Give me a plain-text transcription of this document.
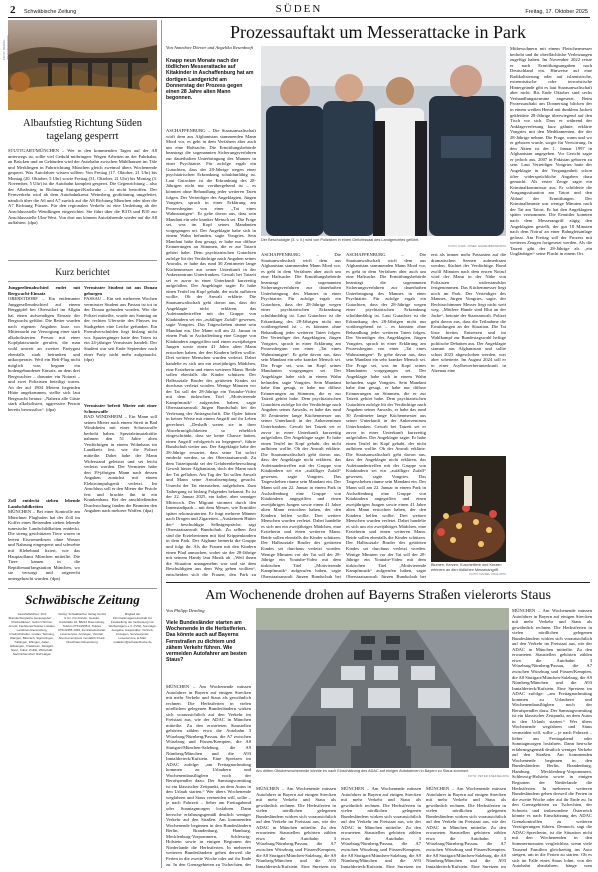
2 Schwäbische Zeitung	SÜDEN	Freitag, 17. Oktober 2025
FOTO: BERND WEISSBROD/DPA
Albaufstieg Richtung Süden tagelang gesperrt
STUTTGART/MÜNCHEN – Wer in den kommenden Tagen auf der A8 unterwegs ist, sollte viel Geduld mitbringen: Wegen Arbeiten an der Fahrbahn, an Brücken und an Gebäuden wird der Autobahn zwischen Mühlhausen im Täle und Merklingen in Fahrtrichtung München gleich zweimal übers Wochenende gesperrt. Was Autofahrer wissen sollten: Von Freitag (17. Oktober, 21 Uhr) bis Montag (20. Oktober, 5 Uhr) sowie Freitag (31. Oktober, 21 Uhr) bis Montag (3. November, 5 Uhr) ist die Autobahn komplett gesperrt. Die Gegenrichtung – also der Albabstieg in Richtung Stuttgart/Karlsruhe – ist nicht betroffen. Der Fernverkehr wird ab dem Autobahnkreuz Weinsberg großräumig umgeleitet, nämlich über die A6 und A7 zurück auf die A8 Richtung München oder über die A7 Richtung Füssen. Für den regionalen Verkehr ist eine Umleitung ab der Anschlussstelle Wendlingen eingerichtet. Sie führt über die B313 und B10 zur Anschlussstelle Ulm-West. Von dort aus können Autofahrende wieder auf die A8 auffahren. (dpa)
Kurz berichtet
Jungpeelienabschied endet mit Bergwacht-Einsatz
OBERSTDORF – Ein entlemmter Junggesellenabschied auf einem Berggipfel bei Oberstdorf im Allgäu hat einen aufwendigen Einsatz der Bergwacht geführt. Die Retter wurden nach eigenen Angaben kurz vor Mitternacht zur Versorgung einer stark alkoholisierten Person mit einer Kopfplatzwunde gerufen, die man wohl unweit an zweiter Partygast ebenfalls stark betrunken und unkooperativ. Weil ein Heli-Flug nicht möglich war, begann ein bodengebundener Einsatz, an dem drei Bergwachter – darunter ein Notarzt – und zwei Polizisten beteiligt waren. An der auf 1804 Metern liegenden Hütte angekommen, stellte sich laut Bergwacht heraus: „Nahezu alle Gäste stark alkoholisiert, aggressive Person bereits bewusstlos“. (dpa)
Zoll entdeckt sieben lebende Landschildkröten
MÜNCHEN – Bei einer Kontrolle am Münchner Flughafen hat der Zoll im Koffer eines Reisenden sieben lebende tunesische Landschildkröten entdeckt. Die streng geschützten Tiere waren in leeren Eiscremedosen ohne Wasser und Nahrung eingesperrt und schwebte mit Klebeband fixiert, wie das Hauptzollamt München mitteilte. Die Tiere kamen in die Reptilienauffangstation München, wo sie versorgt und artgerecht untergebracht wurden. (dpa)
Vermisster Student tot aus Donau geborgen
PASSAU – Ein seit mehreren Wochen vermisster Student aus Passau ist tot in der Donau gefunden worden. Wie die Polizei mitteilte, wurde am Sonntag an der rechten Uferseite des Flusses im Stadtgebiet eine Leiche gefunden. Ein Fremdverschulden liegt bislang nicht vor. Spaziergänger hatte den Toten ist ein 24-jähriger Vermisster handelt. Der Student war seit Ende September nach einer Party nicht mehr aufgetaucht. (dpa)
Vermisster befreit Mieter mit einer Schusswaffe
BAD WINDSHEIM – Ein Mann soll seinen Mieter nach einem Streit in Bad Windsheim mit einer Schusswaffe bedroht haben. Spezialeinsatzkräfte nahmen den 51 Jahre alten Verdächtigen in einem Wohnhaus im Landkreis fest, wie die Polizei mitteilte. Dabei habe der Mann Widerstand geleistet und sei leicht verletzt worden. Der Vermieter habe den 39-jährigen Mann nach dessen Angaben zunächst mit einem Elektroimpulsgerät verletzt. Im Anschluss soll er den Mieter die Pistole fest und brachte ihn in ein Krankenhaus. Bei der anschließenden Durchsuchung fanden die Beamten den Angaben nach mehrere Waffen. (dpa)
Schwäbische Zeitung
Geschäftsführer: Fritz Brandenburgische Herausgeber: ... Chefredakteur: Jochen Wörner, Arnold, Fachbereichsleiter Lokales, Landkreis Ravensburg, Friedrichshafen, Lindau, Tettnang, Wangen, Biberach, Sigmaringen, Tuttlingen, Ehingen, Aalen, Ellwangen, Crailsheim, Stuttgart, Sport, Kultur, Politik, Wirtschaft, Nachrichtenchef: Ralf Hagen
Verlag: Schwäbischer Verlag GmbH & Co. KG Drexler, Gessler, Karlstraße 16, 88212 Ravensburg, Telefon 0751/2955-0, Telefax 0751/2955-1099, Zentralsekretariat, Leserservice, Anzeigen, Vertrieb, Abonnementpreis monatlich Druck: Druckhaus Ravensburg
Mitglied der Informationsgemeinschaft zur Feststellung der Verbreitung von Werbeträgern e.V. (IVW), Sonntags-Ausgabe, Haupteditor, Vertrieb, Anzeigen, Servicecenter, Leserservice, E-Mail: redaktion@schwaebische.de
Prozessauftakt um Messerattacke in Park
Von Annedore Dörner und Angelika Resenhoeft
Knapp neun Monate nach der tödlichen Messerattacke auf Kitakinder in Aschaffenburg hat am dortigen Landgericht am Donnerstag der Prozess gegen einen 28 Jahre alten Mann begonnen.
Der Beschuldigte (3. v. li.) wird von Polizisten in einen Gerichtssaal des Landgerichtes geführt.
FOTO: KARL-JOSEF HILDENBRAND/DPA
ASCHAFFENBURG – Die Staatsanwaltschaft wirft dem aus Afghanistan stammenden Mann Mord vor, es geht in dem Verfahren aber auch um eine Haftsache. Die Ermittlungsbehörde beantragt die sogenannten Sicherungsverfahren zur dauerhaften Unterbringung des Mannes in einer Psychiatrie. Für zufolge ergab ein Gutachten, dass der 28-Jährige wegen einer psychiatrischen Erkrankung schuldunfähig ist. Laut Gutachter ist die Erkrankung des 28-Jährigen nicht nur vorübergehend ist – es könnten ohne Behandlung jeder weiteren Taten folgen. Der Verteidiger des Angeklagten, Jürgen Vongries, sprach in einer Erklärung am Prozessbeginn von einer „Tat eines Wahnsinnigen“. Er gehe davon aus, dass sein Mandant ein sehr kranker Mensch sei. Die Frage sei, was im Kopf seines Mandanten vorgegangen sei. Der Angeklagte habe sich in einem Wahn befunden, sagte Vongries. Sein Mandant habe ihm gesagt, er habe nur diffuse Erinnerungen an Stimmen, die er zur Tatzeit gehört habe. Dem psychiatrischen Gutachten zufolge litt der Verdächtige nach Angaben seines Anwalts, er habe das rund 30 Zentimeter lange Küchenmesser aus seiner Unterkunft in der Ankerzentrum Unterfranken. Gewalt bei Tatzeit sei er zuvor in einer Unterkunft kurzzeitig aufgefallen. Der Angeklagte sagte: Er habe einen Teufel im Kopf gehabt, der nicht aufhören wollte. Ob der Anwalt erklärte. Die Staatsanwaltschaft geht davon aus, dass der Angeklagte nicht erklären, das Aufeinandertreffen mit der Gruppe von Kitakindern sei ein „zufälliger Zufall“ gewesen, sagte Vongries. Das Tatgeschehen räume sein Mandant ein. Der Mann soll am 22. Januar in einem Park in Aschaffenburg eine Gruppe von Kitakindern angegriffen und einen zweijährigen Jungen sowie einen 41 Jahre alten Mann erstochen haben, der den Kindern helfen wollte. Drei weitere Menschen wurden verletzt. Dabei handelte es sich um ein zweijähriges Mädchen, eine Erzieherin und einen weiteren Mann. Beide sollen ebenfalls die Kinder schützen. Der Halbsoziale Bruder des getöteten Kindes sei durchaus verletzt worden. Wenige Minuten vor der Tat soll der 28-Jährige ein Youtube-Video mit dem türkischen Titel „Motivierende Kampfmusik“ aufgerufen haben, sagte Oberstaatsanwalt Jürgen Bundschuh bei der Verlesung der Antragsschrift. Die Opfer hätten in keiner Weise mit einem Angriff auf ihr Leben gerechnet. „Deshalb waren sie in ihrer Abwehrmöglichkeiten so erheblich eingeschränkt, dass sie keine Chance hatten, einen Angriff erfolgreich zu begegnen“, führte Bundschuh weiter aus. Der Angeklagte habe der 28-Jährige erwartet, dass seine Tat sofort entdeckt werden, so der Oberstaatsanwalt. Zu dem Tatzeitpunkt sei der Gefahrenbeherrschung Gewalt hinter Afghanistan, doch der Mann nach der Tat geflohen. Am Tag der Tat sollen Anwalt und Mann seine Anwaltsempfang gesucht. Unrecht der Tat einzusehen, aufgehoben. Zum Tathergang ist bislang Folgendes bekannt: Es ist der 22. Januar 2025, ein kalter, aber sonniger Mittwoch. Der Migrant stromert durch den Innenstadtpark – mit dem Messer, wie Ermittler später rekonstruierten. Er fragt mehrere Männer nach Drogen und Zigaretten. „Auskeinem Hütter der“ beschuldigte Selbstgespräche, sagt Oberstaatsanwalt Bundschuh. Zu selben Zeit sind die Erzieherinnen mit fünf Krippenkindern in dem Park. Der Afghane bemerkt die Gruppe und folgt ihr. Als die Frauen mit den Kindern einen Pfad anmachen, wobei sie der 28-Jährige mit seinem Handy laut Musik ab. „Weil ihnen die Situation unangenehm war und sie dem Beschuldigten aus dem Weg gehen wollten“, entscheiden sich die Frauen, den Park zu
ASCHAFFENBURG – Die Staatsanwaltschaft wirft dem aus Afghanistan stammenden Mann Mord vor, es geht in dem Verfahren aber auch um eine Haftsache. Die Ermittlungsbehörde beantragt die sogenannten Sicherungsverfahren zur dauerhaften Unterbringung des Mannes in einer Psychiatrie. Für zufolge ergab ein Gutachten, dass der 28-Jährige wegen einer psychiatrischen Erkrankung schuldunfähig ist. Laut Gutachter ist die Erkrankung des 28-Jährigen nicht nur vorübergehend ist – es könnten ohne Behandlung jeder weiteren Taten folgen. Der Verteidiger des Angeklagten, Jürgen Vongries, sprach in einer Erklärung am Prozessbeginn von einer „Tat eines Wahnsinnigen“. Er gehe davon aus, dass sein Mandant ein sehr kranker Mensch sei. Die Frage sei, was im Kopf seines Mandanten vorgegangen sei. Der Angeklagte habe sich in einem Wahn befunden, sagte Vongries. Sein Mandant habe ihm gesagt, er habe nur diffuse Erinnerungen an Stimmen, die er zur Tatzeit gehört habe. Dem psychiatrischen Gutachten zufolge litt der Verdächtige nach Angaben seines Anwalts, er habe das rund 30 Zentimeter lange Küchenmesser aus seiner Unterkunft in der Ankerzentrum Unterfranken. Gewalt bei Tatzeit sei er zuvor in einer Unterkunft kurzzeitig aufgefallen. Der Angeklagte sagte: Er habe einen Teufel im Kopf gehabt, der nicht aufhören wollte. Ob der Anwalt erklärte. Die Staatsanwaltschaft geht davon aus, dass der Angeklagte nicht erklären, das Aufeinandertreffen mit der Gruppe von Kitakindern sei ein „zufälliger Zufall“ gewesen, sagte Vongries. Das Tatgeschehen räume sein Mandant ein. Der Mann soll am 22. Januar in einem Park in Aschaffenburg eine Gruppe von Kitakindern angegriffen und einen zweijährigen Jungen sowie einen 41 Jahre alten Mann erstochen haben, der den Kindern helfen wollte. Drei weitere Menschen wurden verletzt. Dabei handelte es sich um ein zweijähriges Mädchen, eine Erzieherin und einen weiteren Mann. Beide sollen ebenfalls die Kinder schützen. Der Halbsoziale Bruder des getöteten Kindes sei durchaus verletzt worden. Wenige Minuten vor der Tat soll der 28-Jährige ein Youtube-Video mit dem türkischen Titel „Motivierende Kampfmusik“ aufgerufen haben, sagte Oberstaatsanwalt Jürgen Bundschuh bei
ASCHAFFENBURG – Die Staatsanwaltschaft wirft dem aus Afghanistan stammenden Mann Mord vor, es geht in dem Verfahren aber auch um eine Haftsache. Die Ermittlungsbehörde beantragt die sogenannten Sicherungsverfahren zur dauerhaften Unterbringung des Mannes in einer Psychiatrie. Für zufolge ergab ein Gutachten, dass der 28-Jährige wegen einer psychiatrischen Erkrankung schuldunfähig ist. Laut Gutachter ist die Erkrankung des 28-Jährigen nicht nur vorübergehend ist – es könnten ohne Behandlung jeder weiteren Taten folgen. Der Verteidiger des Angeklagten, Jürgen Vongries, sprach in einer Erklärung am Prozessbeginn von einer „Tat eines Wahnsinnigen“. Er gehe davon aus, dass sein Mandant ein sehr kranker Mensch sei. Die Frage sei, was im Kopf seines Mandanten vorgegangen sei. Der Angeklagte habe sich in einem Wahn befunden, sagte Vongries. Sein Mandant habe ihm gesagt, er habe nur diffuse Erinnerungen an Stimmen, die er zur Tatzeit gehört habe. Dem psychiatrischen Gutachten zufolge litt der Verdächtige nach Angaben seines Anwalts, er habe das rund 30 Zentimeter lange Küchenmesser aus seiner Unterkunft in der Ankerzentrum Unterfranken. Gewalt bei Tatzeit sei er zuvor in einer Unterkunft kurzzeitig aufgefallen. Der Angeklagte sagte: Er habe einen Teufel im Kopf gehabt, der nicht aufhören wollte. Ob der Anwalt erklärte. Die Staatsanwaltschaft geht davon aus, dass der Angeklagte nicht erklären, das Aufeinandertreffen mit der Gruppe von Kitakindern sei ein „zufälliger Zufall“ gewesen, sagte Vongries. Das Tatgeschehen räume sein Mandant ein. Der Mann soll am 22. Januar in einem Park in Aschaffenburg eine Gruppe von Kitakindern angegriffen und einen zweijährigen Jungen sowie einen 41 Jahre alten Mann erstochen haben, der den Kindern helfen wollte. Drei weitere Menschen wurden verletzt. Dabei handelte es sich um ein zweijähriges Mädchen, eine Erzieherin und einen weiteren Mann. Beide sollen ebenfalls die Kinder schützen. Der Halbsoziale Bruder des getöteten Kindes sei durchaus verletzt worden. Wenige Minuten vor der Tat soll der 28-Jährige ein Youtube-Video mit dem türkischen Titel „Motivierende Kampfmusik“ aufgerufen haben, sagte Oberstaatsanwalt Jürgen Bundschuh bei
erst als immer mehr Passanten auf die dramatischen Szenen aufmerksam werden, flüchtet der Verdächtige. Rund zwölf Minuten nach dem ersten Notruf wird der Mann in der Nähe von Polizisten widerstandslos festgenommen. Das Küchenmesser liegt noch im Park. Der Verteidiger des Mannes, Jürgen Vongries, sagte, der Rechtsschimmer Messer liegt nicht weit weg. „Mittlere Hände sind Blut an der Jacke“, betonte der Staatsanwalt. Polizei geht davon aus, dass die Teilnahme die Ermittlungen an der Situation. Die Tat löste breites Entsetzen und im Wahlkampf zur Bundestagswahl heftige politische Debatten aus. Der Angeklagte stammt aus Afghanistan und sollte schon 2023 abgeschoben werden, was aber scheiterte. Im August 2024 soll er in einer Asylbewerberunterkunft in Alzenau eine
Blumen, Kerzen, Kuscheltiere und Kerzen erinnern an den tödlichen Messerangriff.
FOTO: DANIEL VOGL/DPA
Mitbewohnern mit einem Fleischermesser bedroht und ihr oberflächliche Verletzungen zugefügt haben. Im November 2022 reiste er nach Ermittlungsangaben nach Deutschland ein. Hinweise auf eine Radikalisierung oder auf islamistische, extremistische oder terroristische Hintergründe gibt es laut Staatsanwaltschaft aber nicht. Bis Ende Oktober sind sechs Verhandlungstermine angesetzt. Beim Prozessauftakt am Donnerstag blicken der in einem weißen Hemd mit dunklem Jackett gekleidete 28-Jährige überwiegend auf den Tisch vor sich. Dass er während der Anklageverlesung kurz gähnte, erklärte Vongries mit den Medikamenten, die der 28-Jährige nehme. Die Frage, wann und wo er geboren wurde, sorgte für Verwirrung. In den Akten ist der 1. Januar 1997 in Afghanistan angegeben. Vor Gericht sagte er jedoch aus, 2007 in Pakistan geboren zu sein. Laut Verteidiger Vongries hatte der Angeklagte in der Vergangenheit schon öfter widersprüchliche Angaben dazu gemacht. Als erster Zeuge sagte ein Kriminalkommissar aus. Er schilderte die Ausgangssituation am Tatort und den Ablauf der Ermittlungen. Der Kriminalbeamte war wenige Minuten nach der Tat am Tatort. Er hat den Angeklagten später vernommen. Die Ermittler konnten nach dem Messerangriff zügig den Angeklagten gestellt, der gut 18 Minuten nach dem Notruf an einer Bahngleisanlage gefasst. Am Freitag soll der Prozess mit weiteren Zeugen fortgesetzt werden. Als die Tatzeit gibt der 28-Jährige als „ein Ungläubiger“ seine Flucht in einem Ort.
Am Wochenende drohen auf Bayerns Straßen vielerorts Staus
Von Philipp Demling
Viele Bundesländer starten am Wochenende in die Herbstferien. Das könnte auch auf Bayerns Fernstraßen zu dichtem und zähem Verkehr führen. Wie vermeiden Autofahrer am besten Staus?
MÜNCHEN – Am Wochenende müssen Autofahrer in Bayern auf einigen Strecken mit mehr Verkehr und Staus als gewöhnlich rechnen. Die Herbstferien in vielen nördlichen gelegenen Bundesländern wirken sich voraussichtlich auf den Verkehr im Freistaat aus, wie der ADAC in München mitteilte. Zu den erwarteten Staustellen gehörten zählen etwa die Autobahn 3 Würzburg/Nürnberg/Passau, die A7 zwischen Würzburg und Füssen/Kempten, die A8 Stuttgart/München-Salzburg, die A9 Nürnberg/München und die A93 Inntaldreieck/Kufstein. Eine Spreizen im ADAC zufolge: „am Freitagnachmittag kommen zu Urlaubern und Wochenendausflüglern noch der Berufspendler dazu. Der Samstagvormittag ist ein klassischer Zeitpunkt, an dem Autos in den Urlaub starten.“ Wer übers Wochenende wegfahren und Staus vermeiden will, sollte – je nach Fahrzeit – lieber am Freitagabend oder Sonntagmorgen losfahren. Dann herrsche erfahrungsgemäß deutlich weniger Verkehr auf den Straßen. Am kommenden Wochenende beginnen in den Bundesländern Berlin, Brandenburg, Hamburg, Mecklenburg-Vorpommern, Schleswig-Holstein sowie in einigen Regionen der Niederlande die Herbstferien. In mehreren weiteren Bundesländern gehen derweil die Ferien in die zweite Woche oder auf ihr Ende zu. In den Grenzgebieten zu Tschechien, der
Am dritten Oktoberwochenende könnte es nach Einschätzung des ADAC auf einigen Autobahnen in Bayern zu Staus kommen.
FOTO: PETER KNEFFEL/DPA
MÜNCHEN – Am Wochenende müssen Autofahrer in Bayern auf einigen Strecken mit mehr Verkehr und Staus als gewöhnlich rechnen. Die Herbstferien in vielen nördlichen gelegenen Bundesländern wirken sich voraussichtlich auf den Verkehr im Freistaat aus, wie der ADAC in München mitteilte. Zu den erwarteten Staustellen gehörten zählen etwa die Autobahn 3 Würzburg/Nürnberg/Passau, die A7 zwischen Würzburg und Füssen/Kempten, die A8 Stuttgart/München-Salzburg, die A9 Nürnberg/München und die A93 Inntaldreieck/Kufstein. Eine Spreizen im
MÜNCHEN – Am Wochenende müssen Autofahrer in Bayern auf einigen Strecken mit mehr Verkehr und Staus als gewöhnlich rechnen. Die Herbstferien in vielen nördlichen gelegenen Bundesländern wirken sich voraussichtlich auf den Verkehr im Freistaat aus, wie der ADAC in München mitteilte. Zu den erwarteten Staustellen gehörten zählen etwa die Autobahn 3 Würzburg/Nürnberg/Passau, die A7 zwischen Würzburg und Füssen/Kempten, die A8 Stuttgart/München-Salzburg, die A9 Nürnberg/München und die A93 Inntaldreieck/Kufstein. Eine Spreizen im
MÜNCHEN – Am Wochenende müssen Autofahrer in Bayern auf einigen Strecken mit mehr Verkehr und Staus als gewöhnlich rechnen. Die Herbstferien in vielen nördlichen gelegenen Bundesländern wirken sich voraussichtlich auf den Verkehr im Freistaat aus, wie der ADAC in München mitteilte. Zu den erwarteten Staustellen gehörten zählen etwa die Autobahn 3 Würzburg/Nürnberg/Passau, die A7 zwischen Würzburg und Füssen/Kempten, die A8 Stuttgart/München-Salzburg, die A9 Nürnberg/München und die A93 Inntaldreieck/Kufstein. Eine Spreizen im
MÜNCHEN – Am Wochenende müssen Autofahrer in Bayern auf einigen Strecken mit mehr Verkehr und Staus als gewöhnlich rechnen. Die Herbstferien in vielen nördlichen gelegenen Bundesländern wirken sich voraussichtlich auf den Verkehr im Freistaat aus, wie der ADAC in München mitteilte. Zu den erwarteten Staustellen gehörten zählen etwa die Autobahn 3 Würzburg/Nürnberg/Passau, die A7 zwischen Würzburg und Füssen/Kempten, die A8 Stuttgart/München-Salzburg, die A9 Nürnberg/München und die A93 Inntaldreieck/Kufstein. Eine Spreizen im ADAC zufolge: „am Freitagnachmittag kommen zu Urlaubern und Wochenendausflüglern noch der Berufspendler dazu. Der Samstagvormittag ist ein klassischer Zeitpunkt, an dem Autos in den Urlaub starten.“ Wer übers Wochenende wegfahren und Staus vermeiden will, sollte – je nach Fahrzeit – lieber am Freitagabend oder Sonntagmorgen losfahren. Dann herrsche erfahrungsgemäß deutlich weniger Verkehr auf den Straßen. Am kommenden Wochenende beginnen in den Bundesländern Berlin, Brandenburg, Hamburg, Mecklenburg-Vorpommern, Schleswig-Holstein sowie in einigen Regionen der Niederlande die Herbstferien. In mehreren weiteren Bundesländern gehen derweil die Ferien in die zweite Woche oder auf ihr Ende zu. In den Grenzgebieten zu Tschechien, der Schweiz und insbesondere Österreich könnte es nach Einschätzung des ADAC Grenzkontrollen zu weiteren Verzögerungen führen. Dennoch, sagt die ADAC-Sprecherin, ist die Situation nicht mit den Wochenenden in den Sommermonaten vergleichbar, wenn viele Tausend Familien gleichzeitig ins Auto steigen, um in die Ferien zu starten. Ob es sich im Falle eines Staus lohnt, von der Autobahn abzufahren, hänge vom
